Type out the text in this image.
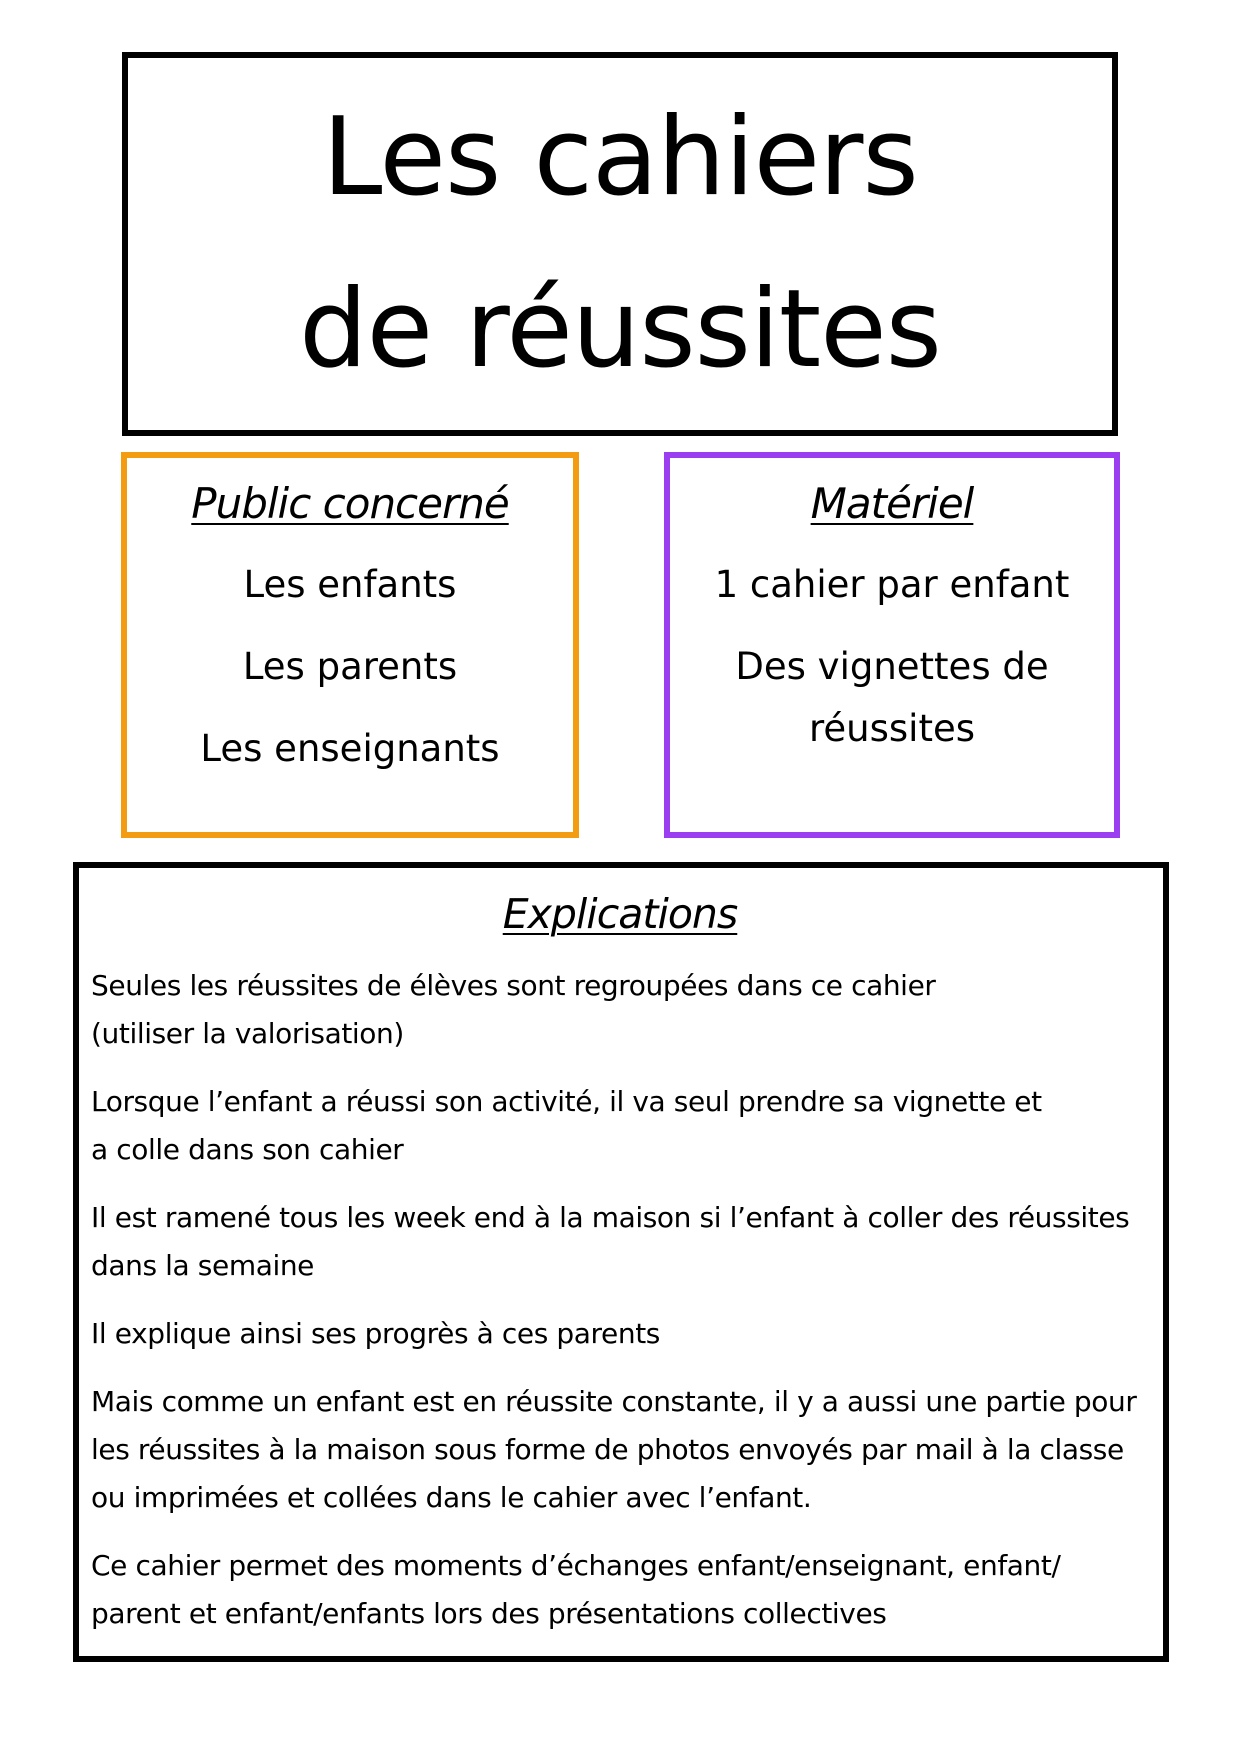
Les cahiers
de réussites
Public concerné
Les enfants
Les parents
Les enseignants
Matériel
1 cahier par enfant
Des vignettes de réussites
Explications

Seules les réussites de élèves sont regroupées dans ce cahier (utiliser la valorisation)

Lorsque l’enfant a réussi son activité, il va seul prendre sa vignette et a colle dans son cahier

Il est ramené tous les week end à la maison si l’enfant à coller des réussites dans la semaine

Il explique ainsi ses progrès à ces parents

Mais comme un enfant est en réussite constante, il y a aussi une partie pour les réussites à la maison sous forme de photos envoyés par mail à la classe ou imprimées et collées dans le cahier avec l’enfant.

Ce cahier permet des moments d’échanges enfant/enseignant, enfant/ parent et enfant/enfants lors des présentations collectives
